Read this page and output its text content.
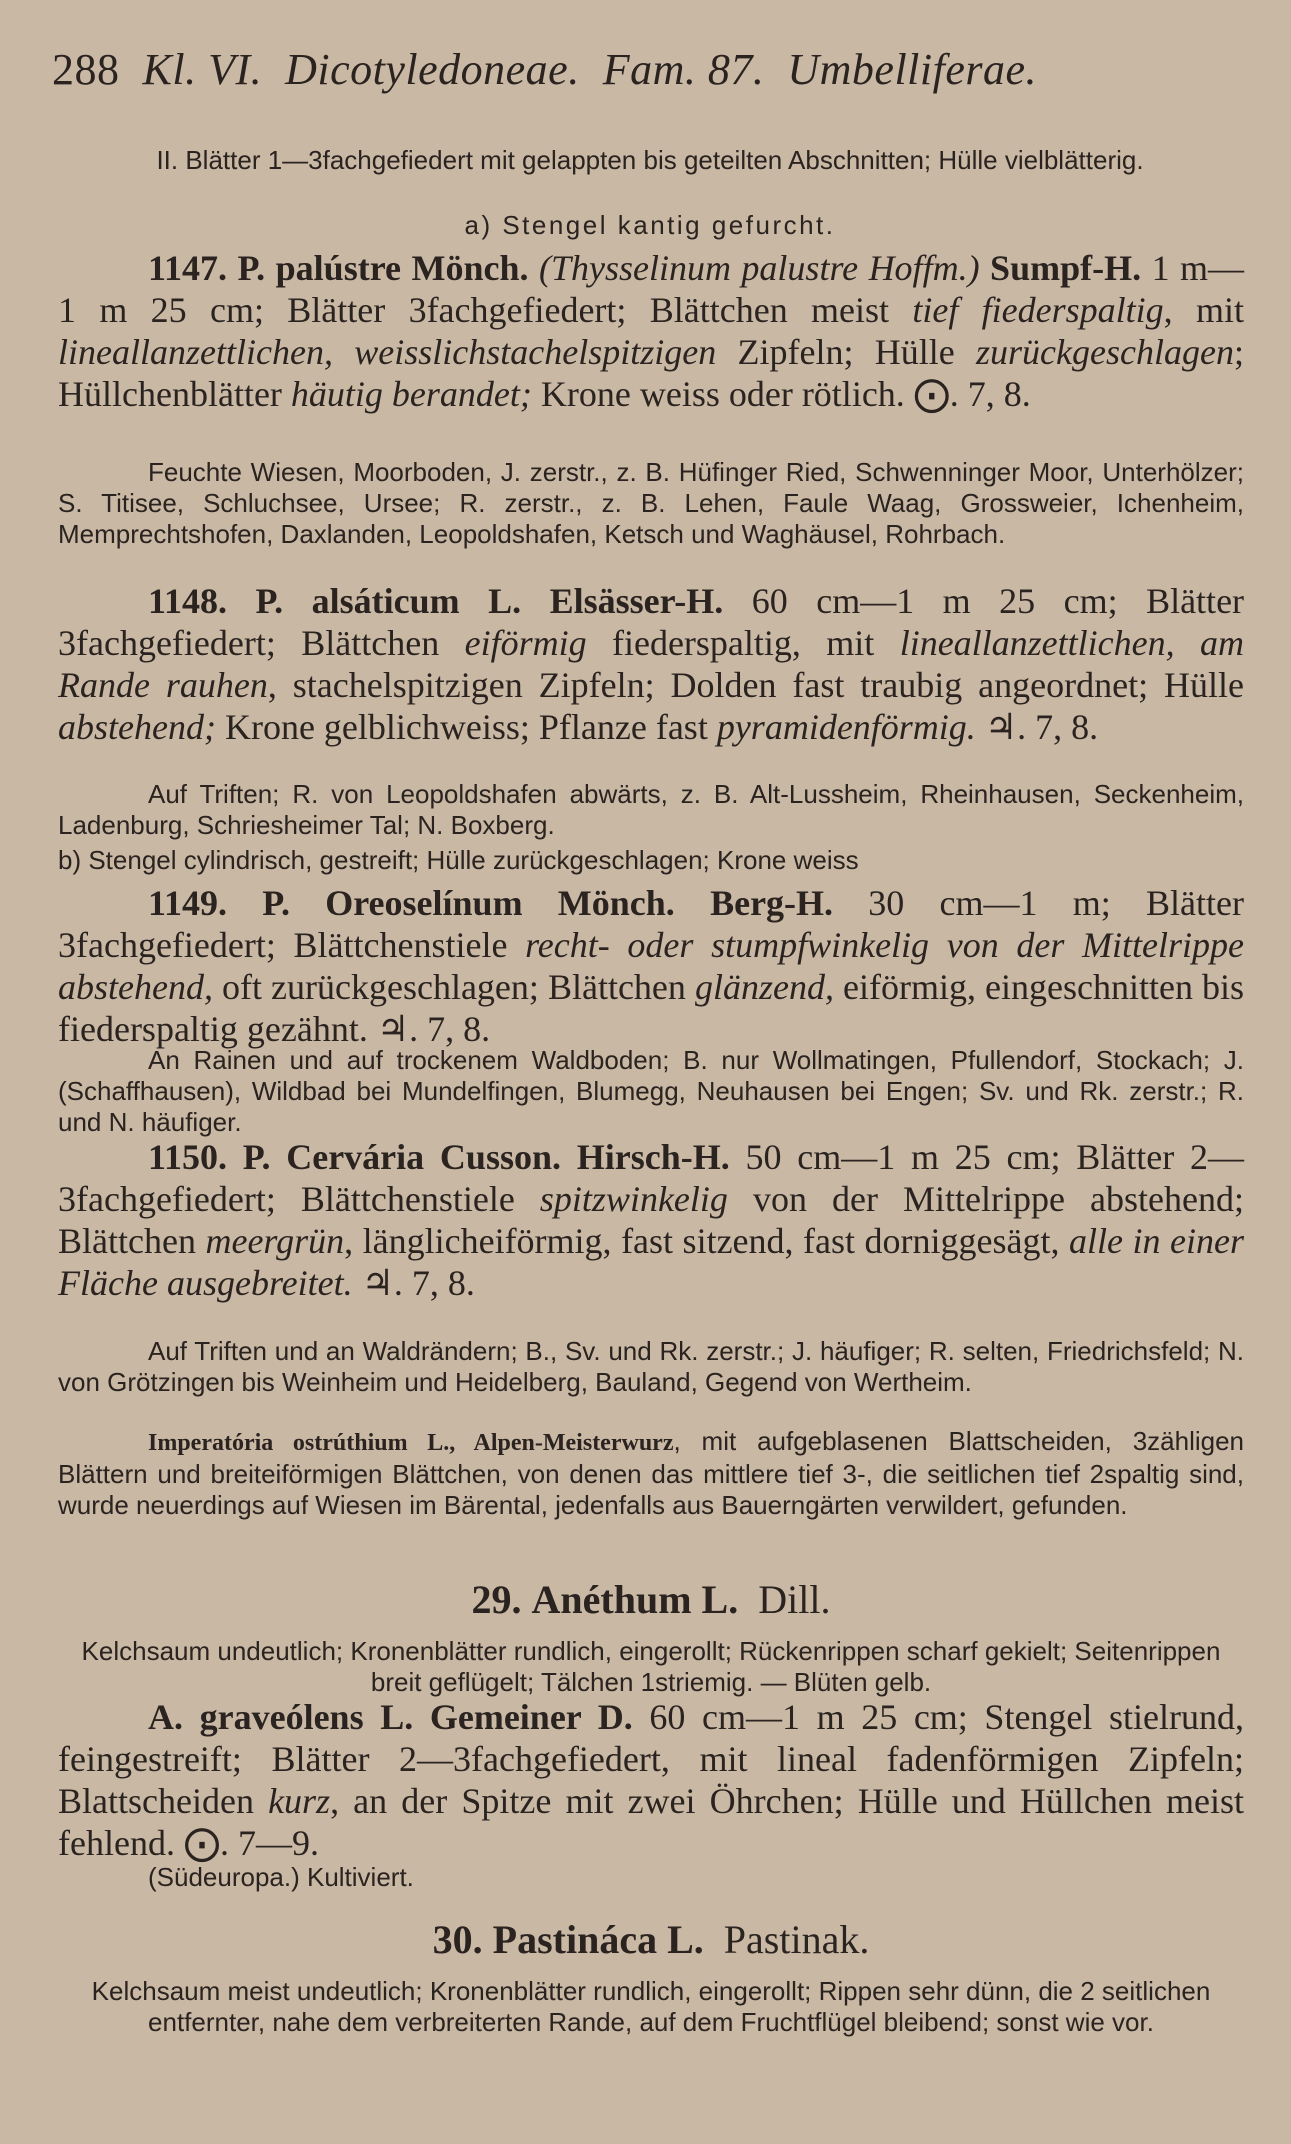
288 Kl. VI. Dicotyledoneae. Fam. 87. Umbelliferae.
II. Blätter 1—3fachgefiedert mit gelappten bis geteilten Abschnitten; Hülle vielblätterig.
a) Stengel kantig gefurcht.
1147. P. palústre Mönch. (Thysselinum palustre Hoffm.) Sumpf-H. 1 m—1 m 25 cm; Blätter 3fachgefiedert; Blättchen meist tief fiederspaltig, mit lineallanzettlichen, weisslichstachelspitzigen Zipfeln; Hülle zurückgeschlagen; Hüllchenblätter häutig berandet; Krone weiss oder rötlich. ⨀. 7, 8.
Feuchte Wiesen, Moorboden, J. zerstr., z. B. Hüfinger Ried, Schwenninger Moor, Unterhölzer; S. Titisee, Schluchsee, Ursee; R. zerstr., z. B. Lehen, Faule Waag, Grossweier, Ichenheim, Memprechtshofen, Daxlanden, Leopoldshafen, Ketsch und Waghäusel, Rohrbach.
1148. P. alsáticum L. Elsässer-H. 60 cm—1 m 25 cm; Blätter 3fachgefiedert; Blättchen eiförmig fiederspaltig, mit lineallanzettlichen, am Rande rauhen, stachelspitzigen Zipfeln; Dolden fast traubig angeordnet; Hülle abstehend; Krone gelblichweiss; Pflanze fast pyramidenförmig. ♃. 7, 8.
Auf Triften; R. von Leopoldshafen abwärts, z. B. Alt-Lussheim, Rheinhausen, Seckenheim, Ladenburg, Schriesheimer Tal; N. Boxberg.
b) Stengel cylindrisch, gestreift; Hülle zurückgeschlagen; Krone weiss
1149. P. Oreoselínum Mönch. Berg-H. 30 cm—1 m; Blätter 3fachgefiedert; Blättchenstiele recht- oder stumpfwinkelig von der Mittelrippe abstehend, oft zurückgeschlagen; Blättchen glänzend, eiförmig, eingeschnitten bis fiederspaltig gezähnt. ♃. 7, 8.
An Rainen und auf trockenem Waldboden; B. nur Wollmatingen, Pfullendorf, Stockach; J. (Schaffhausen), Wildbad bei Mundelfingen, Blumegg, Neuhausen bei Engen; Sv. und Rk. zerstr.; R. und N. häufiger.
1150. P. Cervária Cusson. Hirsch-H. 50 cm—1 m 25 cm; Blätter 2—3fachgefiedert; Blättchenstiele spitzwinkelig von der Mittelrippe abstehend; Blättchen meergrün, länglicheiförmig, fast sitzend, fast dorniggesägt, alle in einer Fläche ausgebreitet. ♃. 7, 8.
Auf Triften und an Waldrändern; B., Sv. und Rk. zerstr.; J. häufiger; R. selten, Friedrichsfeld; N. von Grötzingen bis Weinheim und Heidelberg, Bauland, Gegend von Wertheim.
Imperatória ostrúthium L., Alpen-Meisterwurz, mit aufgeblasenen Blattscheiden, 3zähligen Blättern und breiteiförmigen Blättchen, von denen das mittlere tief 3-, die seitlichen tief 2spaltig sind, wurde neuerdings auf Wiesen im Bärental, jedenfalls aus Bauerngärten verwildert, gefunden.
29. Anéthum L. Dill.
Kelchsaum undeutlich; Kronenblätter rundlich, eingerollt; Rückenrippen scharf gekielt; Seitenrippen breit geflügelt; Tälchen 1striemig. — Blüten gelb.
A. graveólens L. Gemeiner D. 60 cm—1 m 25 cm; Stengel stielrund, feingestreift; Blätter 2—3fachgefiedert, mit lineal fadenförmigen Zipfeln; Blattscheiden kurz, an der Spitze mit zwei Öhrchen; Hülle und Hüllchen meist fehlend. ⨀. 7—9.
(Südeuropa.) Kultiviert.
30. Pastináca L. Pastinak.
Kelchsaum meist undeutlich; Kronenblätter rundlich, eingerollt; Rippen sehr dünn, die 2 seitlichen entfernter, nahe dem verbreiterten Rande, auf dem Fruchtflügel bleibend; sonst wie vor.
